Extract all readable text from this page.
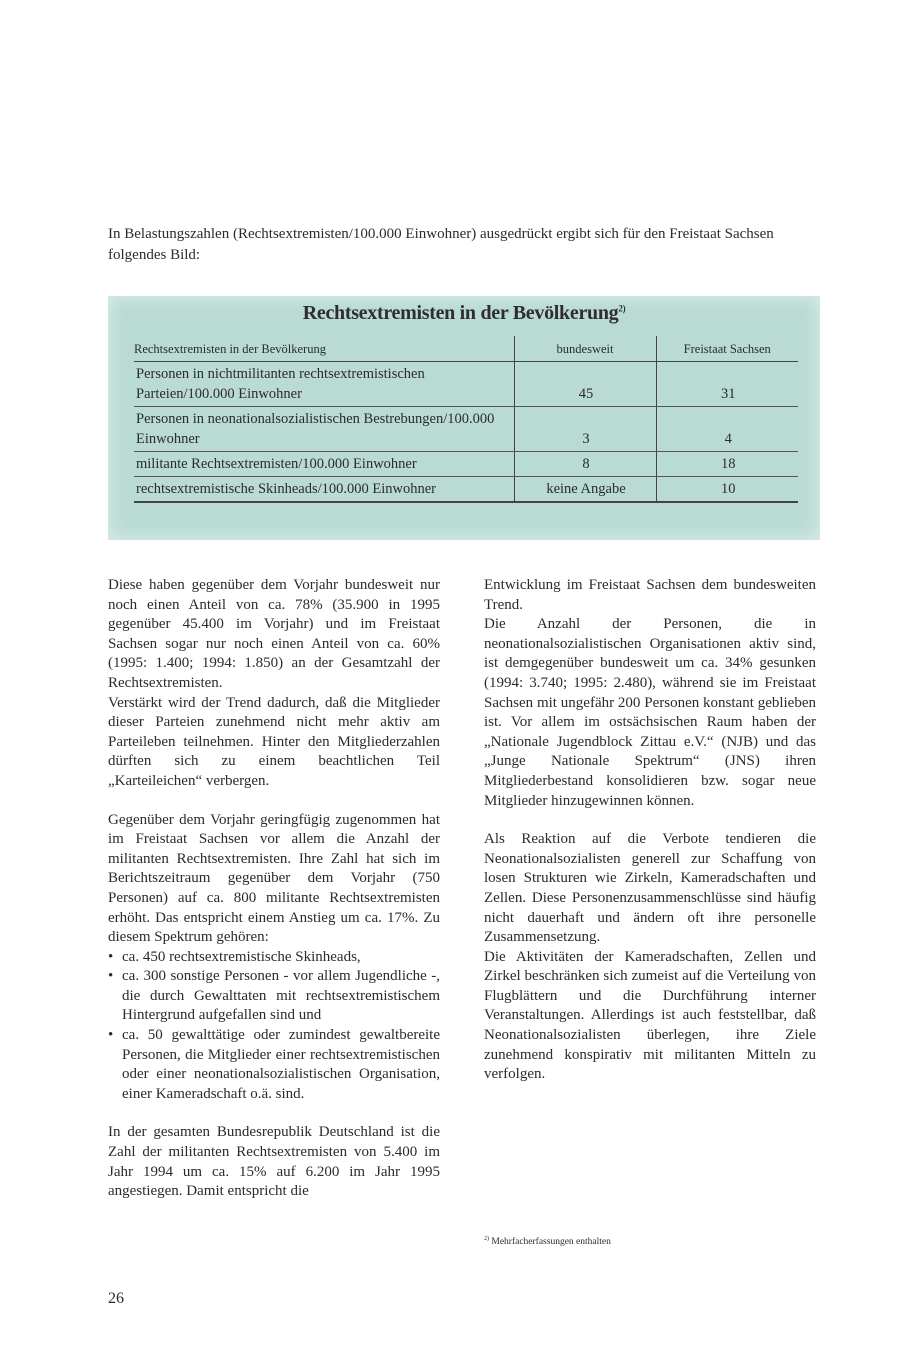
In Belastungszahlen (Rechtsextremisten/100.000 Einwohner) ausgedrückt ergibt sich für den Freistaat Sachsen folgendes Bild:
Rechtsextremisten in der Bevölkerung$^{2)}$
Rechtsextremisten in der Bevölkerung	bundesweit	Freistaat Sachsen
Personen in nichtmilitanten rechtsextremistischen Parteien/100.000 Einwohner	45	31
Personen in neonationalsozialistischen Bestrebungen/100.000 Einwohner	3	4
militante Rechtsextremisten/100.000 Einwohner	8	18
rechtsextremistische Skinheads/100.000 Einwohner	keine Angabe	10

Diese haben gegenüber dem Vorjahr bundesweit nur noch einen Anteil von ca. 78% (35.900 in 1995 gegenüber 45.400 im Vorjahr) und im Freistaat Sachsen sogar nur noch einen Anteil von ca. 60% (1995: 1.400; 1994: 1.850) an der Gesamtzahl der Rechtsextremisten.

Verstärkt wird der Trend dadurch, daß die Mitglieder dieser Parteien zunehmend nicht mehr aktiv am Parteileben teilnehmen. Hinter den Mitgliederzahlen dürften sich zu einem beachtlichen Teil „Karteileichen“ verbergen.

Gegenüber dem Vorjahr geringfügig zugenommen hat im Freistaat Sachsen vor allem die Anzahl der militanten Rechtsextremisten. Ihre Zahl hat sich im Berichtszeitraum gegenüber dem Vorjahr (750 Personen) auf ca. 800 militante Rechtsextremisten erhöht. Das entspricht einem Anstieg um ca. 17%. Zu diesem Spektrum gehören:

• ca. 450 rechtsextremistische Skinheads,
• ca. 300 sonstige Personen - vor allem Jugendliche -, die durch Gewalttaten mit rechtsextremistischem Hintergrund aufgefallen sind und
• ca. 50 gewalttätige oder zumindest gewaltbereite Personen, die Mitglieder einer rechtsextremistischen oder einer neonationalsozialistischen Organisation, einer Kameradschaft o.ä. sind.

In der gesamten Bundesrepublik Deutschland ist die Zahl der militanten Rechtsextremisten von 5.400 im Jahr 1994 um ca. 15% auf 6.200 im Jahr 1995 angestiegen. Damit entspricht die

Entwicklung im Freistaat Sachsen dem bundesweiten Trend.

Die Anzahl der Personen, die in neonationalsozialistischen Organisationen aktiv sind, ist demgegenüber bundesweit um ca. 34% gesunken (1994: 3.740; 1995: 2.480), während sie im Freistaat Sachsen mit ungefähr 200 Personen konstant geblieben ist. Vor allem im ostsächsischen Raum haben der „Nationale Jugendblock Zittau e.V.“ (NJB) und das „Junge Nationale Spektrum“ (JNS) ihren Mitgliederbestand konsolidieren bzw. sogar neue Mitglieder hinzugewinnen können.

Als Reaktion auf die Verbote tendieren die Neonationalsozialisten generell zur Schaffung von losen Strukturen wie Zirkeln, Kameradschaften und Zellen. Diese Personenzusammenschlüsse sind häufig nicht dauerhaft und ändern oft ihre personelle Zusammensetzung.

Die Aktivitäten der Kameradschaften, Zellen und Zirkel beschränken sich zumeist auf die Verteilung von Flugblättern und die Durchführung interner Veranstaltungen. Allerdings ist auch feststellbar, daß Neonationalsozialisten überlegen, ihre Ziele zunehmend konspirativ mit militanten Mitteln zu verfolgen.

$^{2)}$ Mehrfacherfassungen enthalten
26
